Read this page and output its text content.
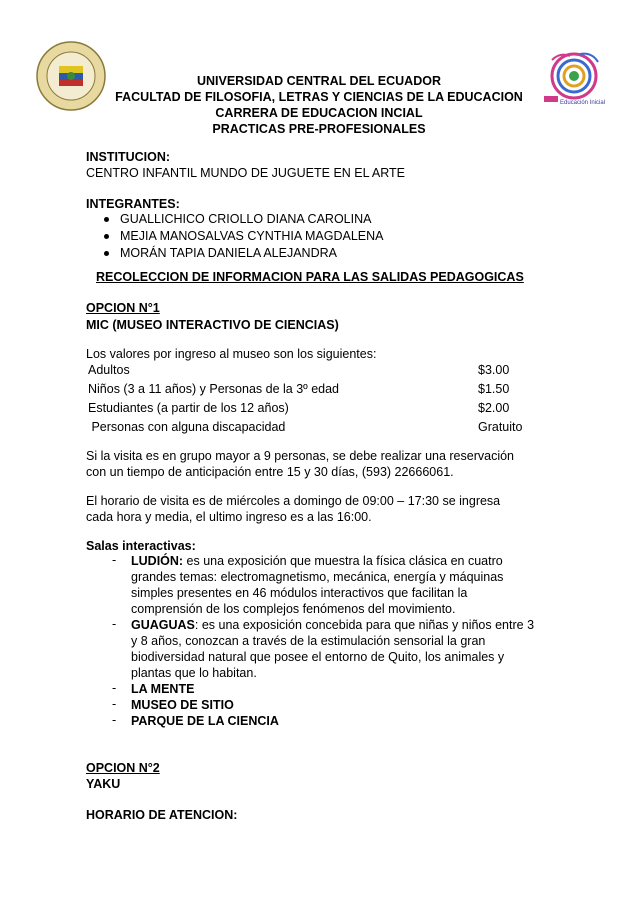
Educación Inicial
UNIVERSIDAD CENTRAL DEL ECUADOR
FACULTAD DE FILOSOFIA, LETRAS Y CIENCIAS DE LA EDUCACION
CARRERA DE EDUCACION INCIAL
PRACTICAS PRE-PROFESIONALES
INSTITUCION:
CENTRO INFANTIL MUNDO DE JUGUETE EN EL ARTE
INTEGRANTES:
GUALLICHICO CRIOLLO DIANA CAROLINA
MEJIA MANOSALVAS CYNTHIA MAGDALENA
MORÁN TAPIA DANIELA ALEJANDRA
RECOLECCION DE INFORMACION PARA LAS SALIDAS PEDAGOGICAS
OPCION N°1
MIC (MUSEO INTERACTIVO DE CIENCIAS)
Los valores por ingreso al museo son los siguientes:
Adultos	$3.00
Niños (3 a 11 años) y Personas de la 3º edad	$1.50
Estudiantes (a partir de los 12 años)	$2.00
Personas con alguna discapacidad	Gratuito
Si la visita es en grupo mayor a 9 personas, se debe realizar una reservación
con un tiempo de anticipación entre 15 y 30 días, (593) 22666061.
El horario de visita es de miércoles a domingo de 09:00 – 17:30 se ingresa
cada hora y media, el ultimo ingreso es a las 16:00.
Salas interactivas:
- LUDIÓN: es una exposición que muestra la física clásica en cuatro
grandes temas: electromagnetismo, mecánica, energía y máquinas
simples presentes en 46 módulos interactivos que facilitan la
comprensión de los complejos fenómenos del movimiento.
- GUAGUAS: es una exposición concebida para que niñas y niños entre 3
y 8 años, conozcan a través de la estimulación sensorial la gran
biodiversidad natural que posee el entorno de Quito, los animales y
plantas que lo habitan.
- LA MENTE
- MUSEO DE SITIO
- PARQUE DE LA CIENCIA
OPCION N°2
YAKU
HORARIO DE ATENCION:
